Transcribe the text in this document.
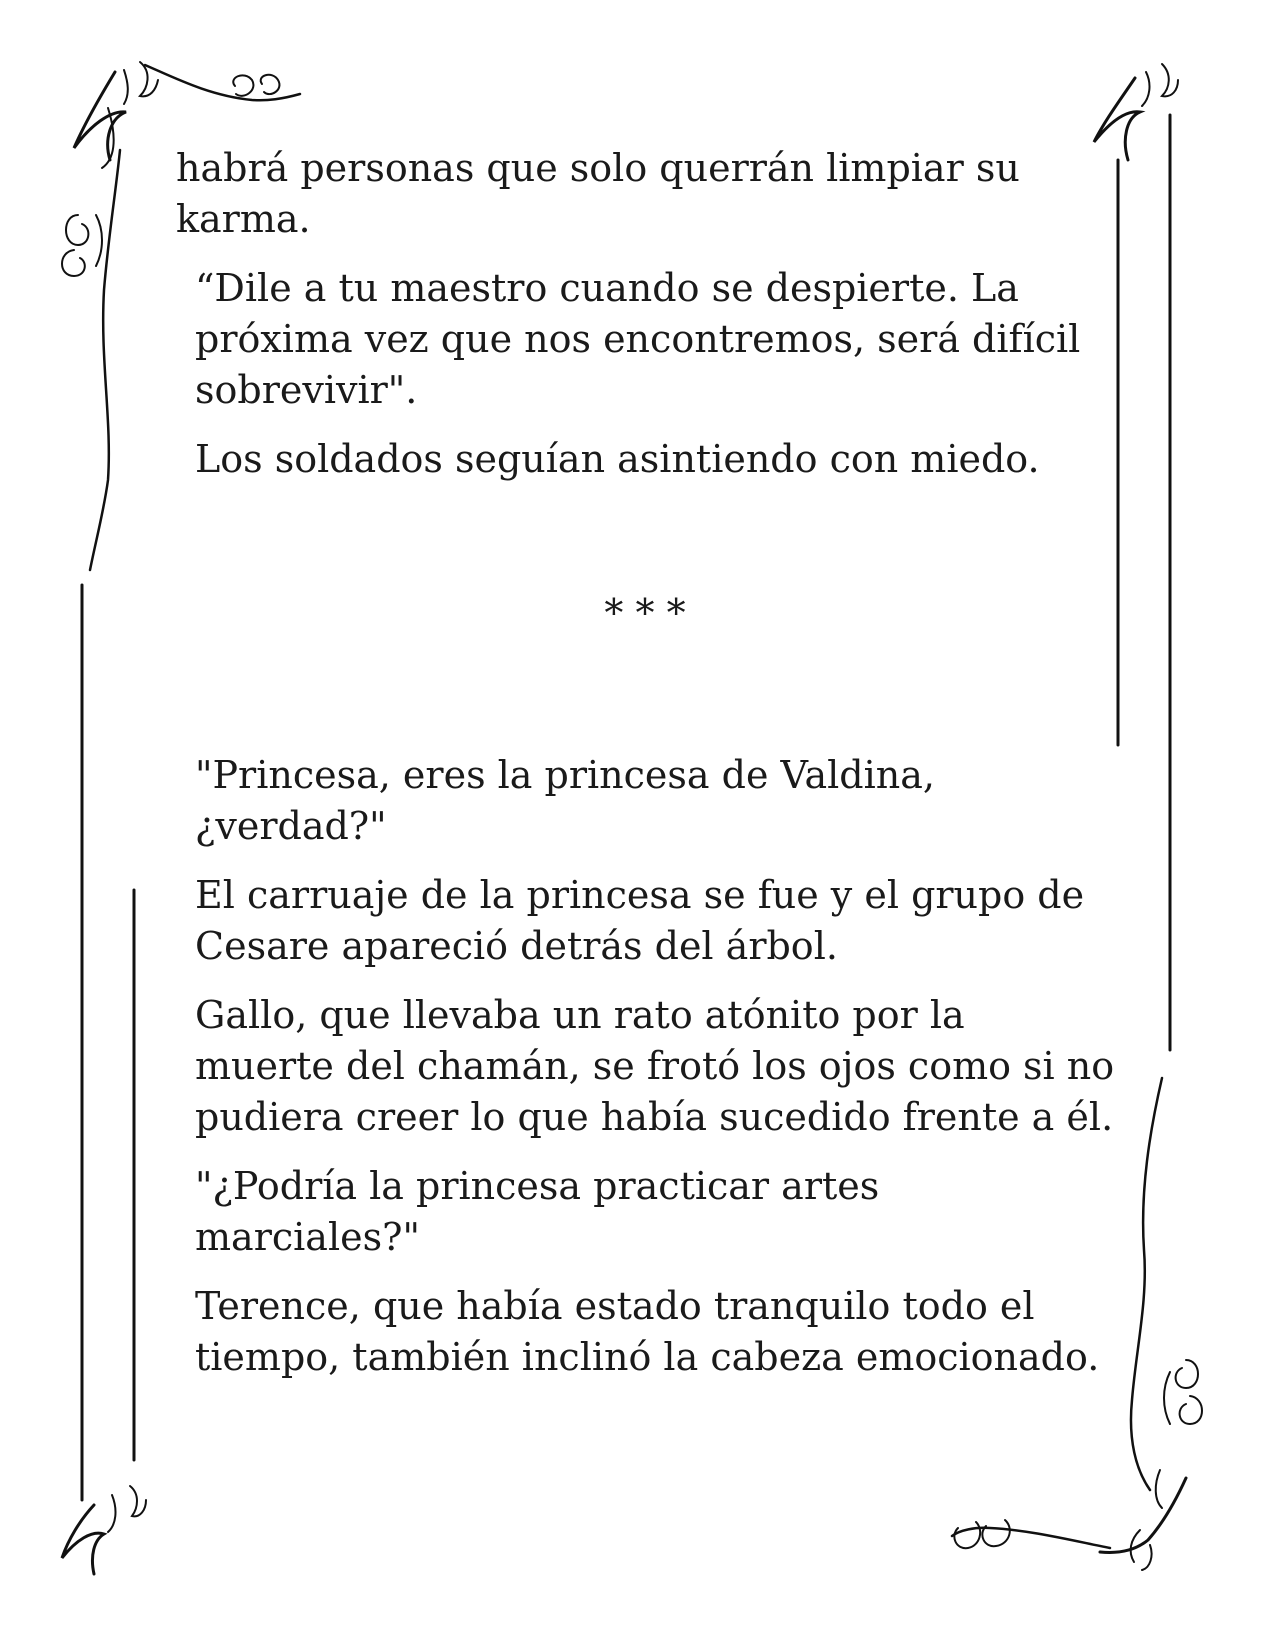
habrá personas que solo querrán limpiar su
karma.

“Dile a tu maestro cuando se despierte. La
próxima vez que nos encontremos, será difícil
sobrevivir".

Los soldados seguían asintiendo con miedo.

* * *

"Princesa, eres la princesa de Valdina,
¿verdad?"

El carruaje de la princesa se fue y el grupo de
Cesare apareció detrás del árbol.

Gallo, que llevaba un rato atónito por la
muerte del chamán, se frotó los ojos como si no
pudiera creer lo que había sucedido frente a él.

"¿Podría la princesa practicar artes
marciales?"

Terence, que había estado tranquilo todo el
tiempo, también inclinó la cabeza emocionado.
